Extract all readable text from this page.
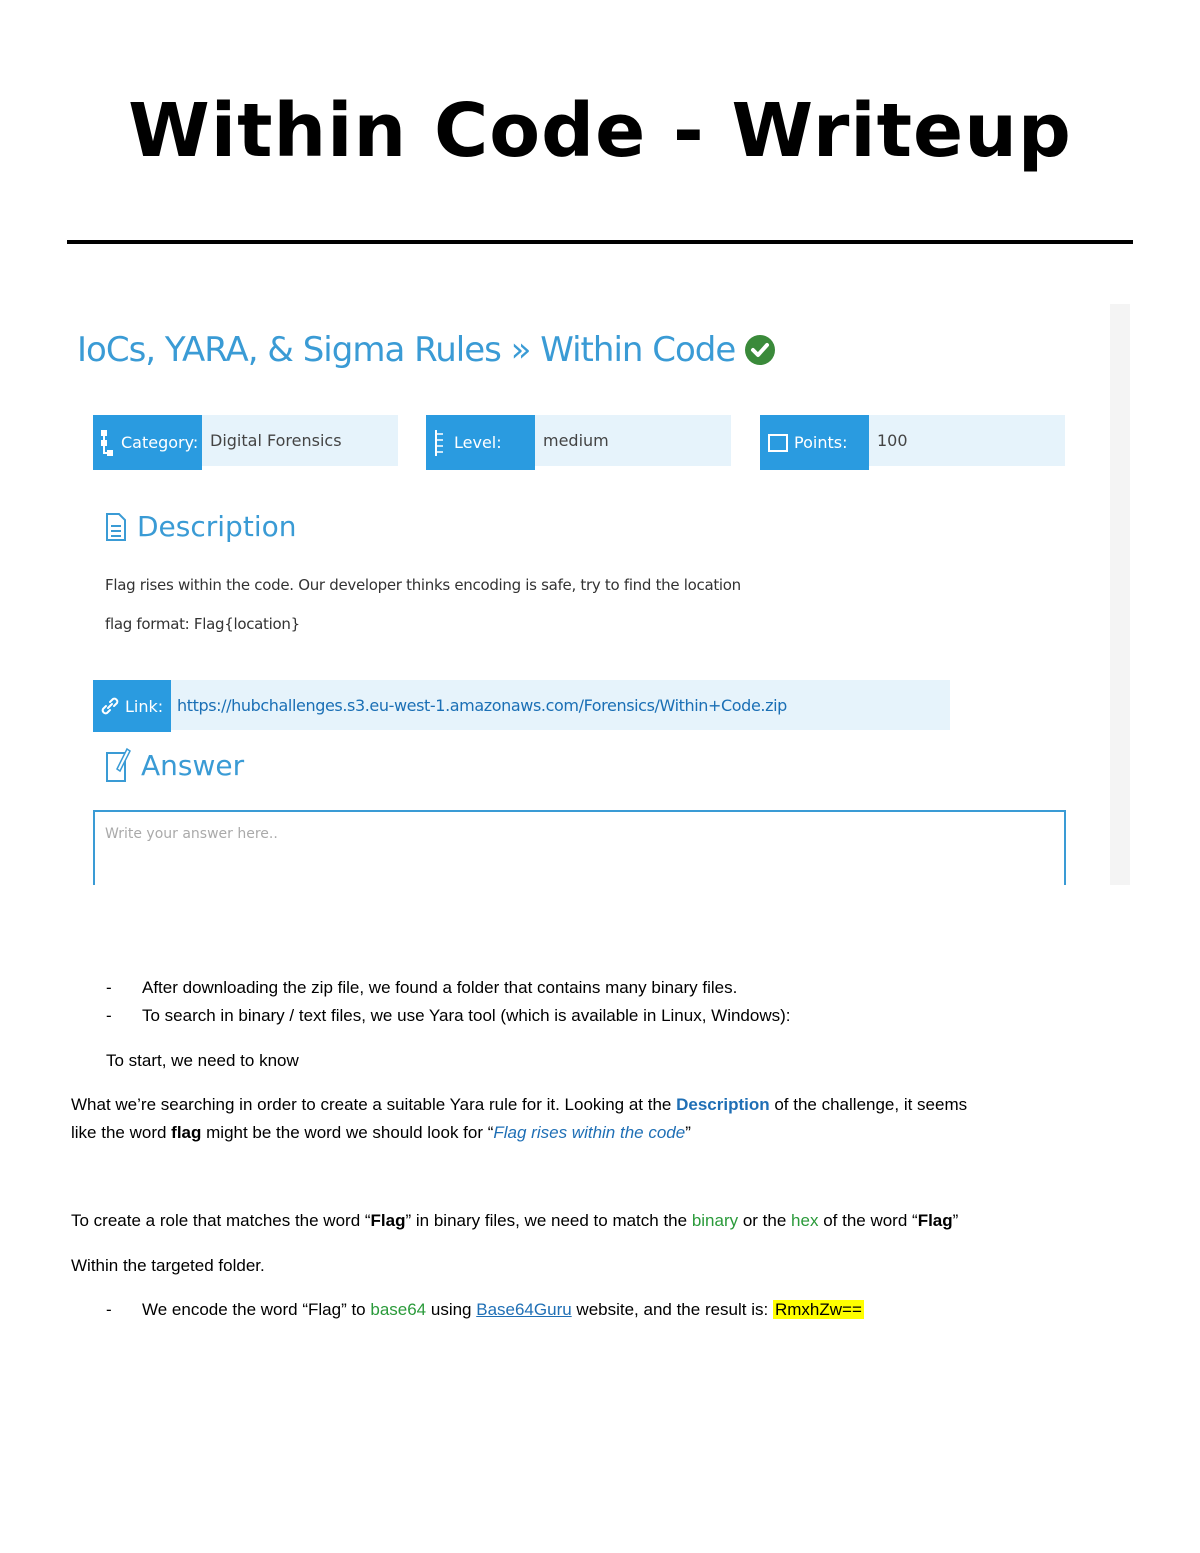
Within Code - Writeup
IoCs, YARA, & Sigma Rules » Within Code
Category: Digital Forensics	Level:	medium	Points:	100
Description
Flag rises within the code. Our developer thinks encoding is safe, try to find the location
flag format: Flag{location}
Link: https://hubchallenges.s3.eu-west-1.amazonaws.com/Forensics/Within+Code.zip
Answer
Write your answer here..
- After downloading the zip file, we found a folder that contains many binary files.
- To search in binary / text files, we use Yara tool (which is available in Linux, Windows):
To start, we need to know
What we’re searching in order to create a suitable Yara rule for it. Looking at the Description of the challenge, it seems
like the word flag might be the word we should look for “Flag rises within the code”
To create a role that matches the word “Flag” in binary files, we need to match the binary or the hex of the word “Flag”
Within the targeted folder.
- We encode the word “Flag” to base64 using Base64Guru website, and the result is: RmxhZw==
